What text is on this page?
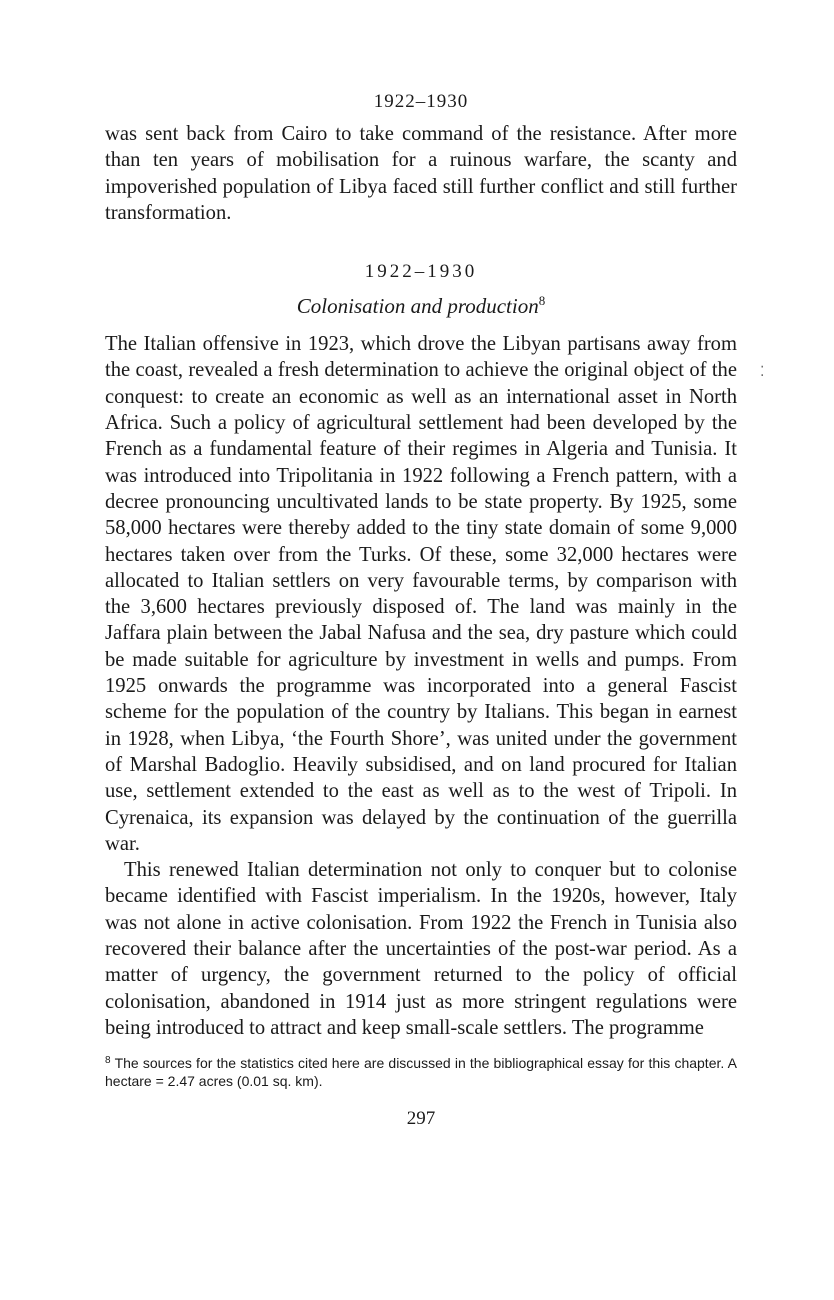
1922–1930

was sent back from Cairo to take command of the resistance. After more than ten years of mobilisation for a ruinous warfare, the scanty and impoverished population of Libya faced still further conflict and still further transformation.

1922–1930
Colonisation and production$^8$

The Italian offensive in 1923, which drove the Libyan partisans away from the coast, revealed a fresh determination to achieve the original object of the conquest: to create an economic as well as an international asset in North Africa. Such a policy of agricultural settlement had been developed by the French as a fundamental feature of their regimes in Algeria and Tunisia. It was introduced into Tripolitania in 1922 following a French pattern, with a decree pronouncing uncultivated lands to be state property. By 1925, some 58,000 hectares were thereby added to the tiny state domain of some 9,000 hectares taken over from the Turks. Of these, some 32,000 hectares were allocated to Italian settlers on very favourable terms, by comparison with the 3,600 hectares previously disposed of. The land was mainly in the Jaffara plain between the Jabal Nafusa and the sea, dry pasture which could be made suitable for agriculture by investment in wells and pumps. From 1925 onwards the programme was incorporated into a general Fascist scheme for the population of the country by Italians. This began in earnest in 1928, when Libya, ‘the Fourth Shore’, was united under the government of Marshal Badoglio. Heavily subsidised, and on land procured for Italian use, settlement extended to the east as well as to the west of Tripoli. In Cyrenaica, its expansion was delayed by the continuation of the guerrilla war.

This renewed Italian determination not only to conquer but to colonise became identified with Fascist imperialism. In the 1920s, however, Italy was not alone in active colonisation. From 1922 the French in Tunisia also recovered their balance after the uncertainties of the post-war period. As a matter of urgency, the government returned to the policy of official colonisation, abandoned in 1914 just as more stringent regulations were being introduced to attract and keep small-scale settlers. The programme

$^8$ The sources for the statistics cited here are discussed in the bibliographical essay for this chapter. A hectare = 2.47 acres (0.01 sq. km).
297
⁚
